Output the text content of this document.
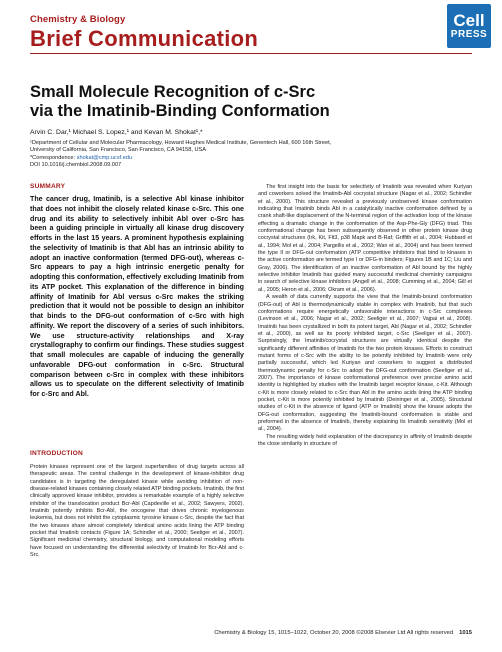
Chemistry & Biology
Brief Communication
Cell
PRESS
Small Molecule Recognition of c-Src
via the Imatinib-Binding Conformation
Arvin C. Dar,¹ Michael S. Lopez,¹ and Kevan M. Shokat¹,*
¹Department of Cellular and Molecular Pharmacology, Howard Hughes Medical Institute, Genentech Hall, 600 16th Street,
University of California, San Francisco, San Francisco, CA 94158, USA
*Correspondence: shokat@cmp.ucsf.edu
DOI 10.1016/j.chembiol.2008.09.007
SUMMARY
The cancer drug, Imatinib, is a selective Abl kinase inhibitor that does not inhibit the closely related kinase c-Src. This one drug and its ability to selectively inhibit Abl over c-Src has been a guiding principle in virtually all kinase drug discovery efforts in the last 15 years. A prominent hypothesis explaining the selectivity of Imatinib is that Abl has an intrinsic ability to adopt an inactive conformation (termed DFG-out), whereas c-Src appears to pay a high intrinsic energetic penalty for adopting this conformation, effectively excluding Imatinib from its ATP pocket. This explanation of the difference in binding affinity of Imatinib for Abl versus c-Src makes the striking prediction that it would not be possible to design an inhibitor that binds to the DFG-out conformation of c-Src with high affinity. We report the discovery of a series of such inhibitors. We use structure-activity relationships and X-ray crystallography to confirm our findings. These studies suggest that small molecules are capable of inducing the generally unfavorable DFG-out conformation in c-Src. Structural comparison between c-Src in complex with these inhibitors allows us to speculate on the different selectivity of Imatinib for c-Src and Abl.
INTRODUCTION

Protein kinases represent one of the largest superfamilies of drug targets across all therapeutic areas. The central challenge in the development of kinase-inhibitor drug candidates is in targeting the deregulated kinase while avoiding inhibition of non-disease-related kinases containing closely related ATP binding pockets. Imatinib, the first clinically approved kinase inhibitor, provides a remarkable example of a highly selective inhibitor of the translocation product Bcr-Abl (Capdeville et al., 2002; Sawyers, 2002). Imatinib potently inhibits Bcr-Abl, the oncogene that drives chronic myelogenous leukemia, but does not inhibit the cytoplasmic tyrosine kinase c-Src, despite the fact that the two kinases share almost completely identical amino acids lining the ATP binding pocket that Imatinib contacts (Figure 1A; Schindler et al., 2000; Seeliger et al., 2007). Significant medicinal chemistry, structural biology, and computational modeling efforts have focused on understanding the differential selectivity of Imatinib for Bcr-Abl and c-Src.

The first insight into the basis for selectivity of Imatinib was revealed when Kuriyan and coworkers solved the Imatinib-Abl cocrystal structure (Nagar et al., 2002; Schindler et al., 2000). This structure revealed a previously unobserved kinase conformation indicating that Imatinib binds Abl in a catalytically inactive conformation defined by a crank shaft-like displacement of the N-terminal region of the activation loop of the kinase effecting a dramatic change in the conformation of the Asp-Phe-Gly (DFG) triad. This conformational change has been subsequently observed in other protein kinase drug cocrystal structures (Irk, Kit, Flt3, p38 Mapk and B-Raf; Griffith et al., 2004; Hubbard et al., 1994; Mol et al., 2004; Pargellis et al., 2002; Wan et al., 2004) and has been termed the type II or DFG-out conformation (ATP competitive inhibitors that bind to kinases in the active conformation are termed type I or DFG-in binders; Figures 1B and 1C; Liu and Gray, 2006). The identification of an inactive conformation of Abl bound by the highly selective inhibitor Imatinib has guided many successful medicinal chemistry campaigns in search of selective kinase inhibitors (Angell et al., 2008; Cumming et al., 2004; Gill et al., 2005; Heron et al., 2006; Okram et al., 2006).

A wealth of data currently supports the view that the Imatinib-bound conformation (DFG-out) of Abl is thermodynamically stable in complex with Imatinib, but that such conformations require energetically unfavorable interactions in c-Src complexes (Levinson et al., 2006; Nagar et al., 2002; Seeliger et al., 2007; Vajpai et al., 2008). Imatinib has been crystallized in both its potent target, Abl (Nagar et al., 2002; Schindler et al., 2000), as well as its poorly inhibited target, c-Src (Seeliger et al., 2007). Surprisingly, the Imatinib/cocrystal structures are virtually identical despite the significantly different affinities of Imatinib for the two protein kinases. Efforts to construct mutant forms of c-Src with the ability to be potently inhibited by Imatinib were only partially successful, which led Kuriyan and coworkers to suggest a distributed thermodynamic penalty for c-Src to adopt the DFG-out conformation (Seeliger et al., 2007). The importance of kinase conformational preference over precise amino acid identity is highlighted by studies with the Imatinib target receptor kinase, c-Kit. Although c-Kit is more closely related to c-Src than Abl in the amino acids lining the ATP binding pocket, c-Kit is more potently inhibited by Imatinib (Deininger et al., 2005). Structural studies of c-Kit in the absence of ligand (ATP or Imatinib) show the kinase adopts the DFG-out conformation, suggesting the Imatinib-bound conformation is stable and preformed in the absence of Imatinib, thereby explaining its Imatinib sensitivity (Mol et al., 2004).

The resulting widely held explanation of the discrepancy in affinity of Imatinib despite the close similarity in structure of

Chemistry & Biology 15, 1015–1022, October 20, 2008 ©2008 Elsevier Ltd All rights reserved 1015
